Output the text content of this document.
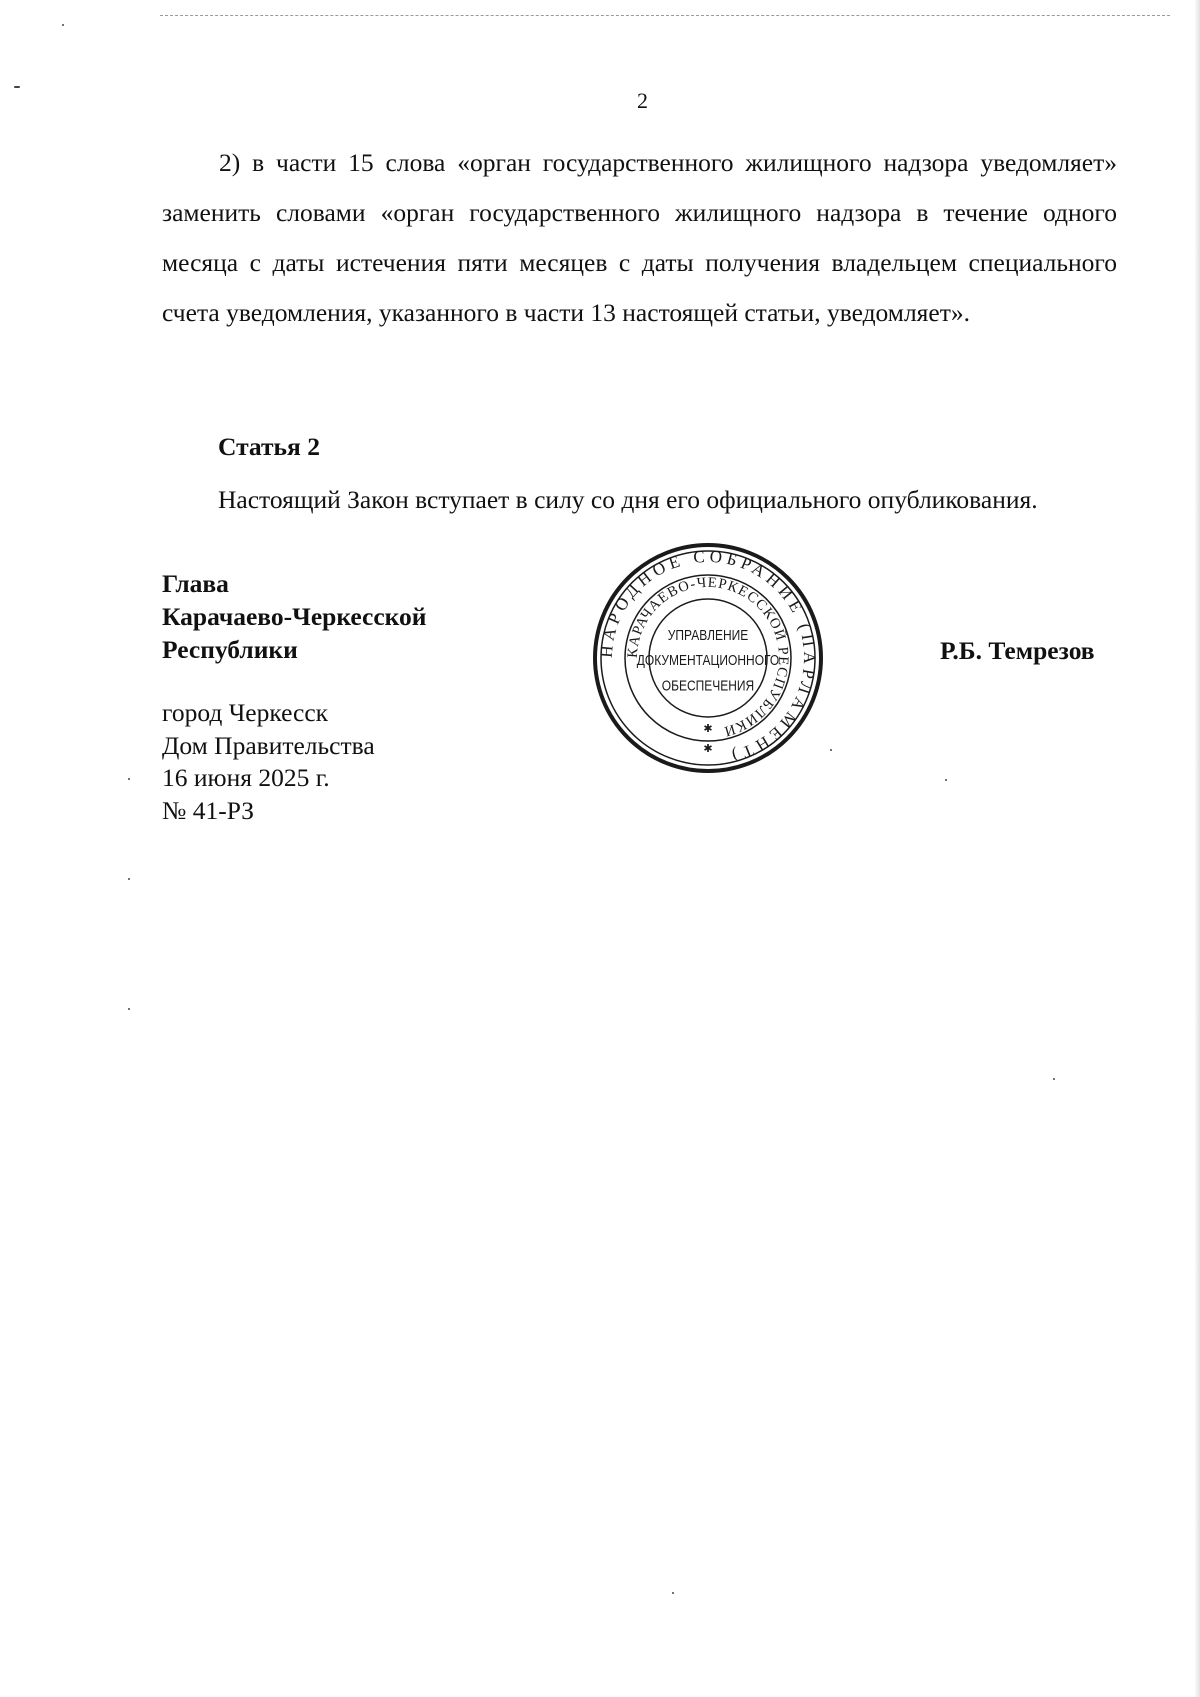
2
2) в части 15 слова «орган государственного жилищного надзора уведомляет» заменить словами «орган государственного жилищного надзора в течение одного месяца с даты истечения пяти месяцев с даты получения владельцем специального счета уведомления, указанного в части 13 настоящей статьи, уведомляет».
Статья 2
Настоящий Закон вступает в силу со дня его официального опубликования.
Глава
Карачаево-Черкесской
Республики	Р.Б. Темрезов
город Черкесск
Дом Правительства
16 июня 2025 г.
№ 41-РЗ
НАРОДНОЕ СОБРАНИЕ (ПАРЛАМЕНТ)
КАРАЧАЕВО-ЧЕРКЕССКОЙ РЕСПУБЛИКИ
УПРАВЛЕНИЕ
ДОКУМЕНТАЦИОННОГО
ОБЕСПЕЧЕНИЯ
✱
✱
